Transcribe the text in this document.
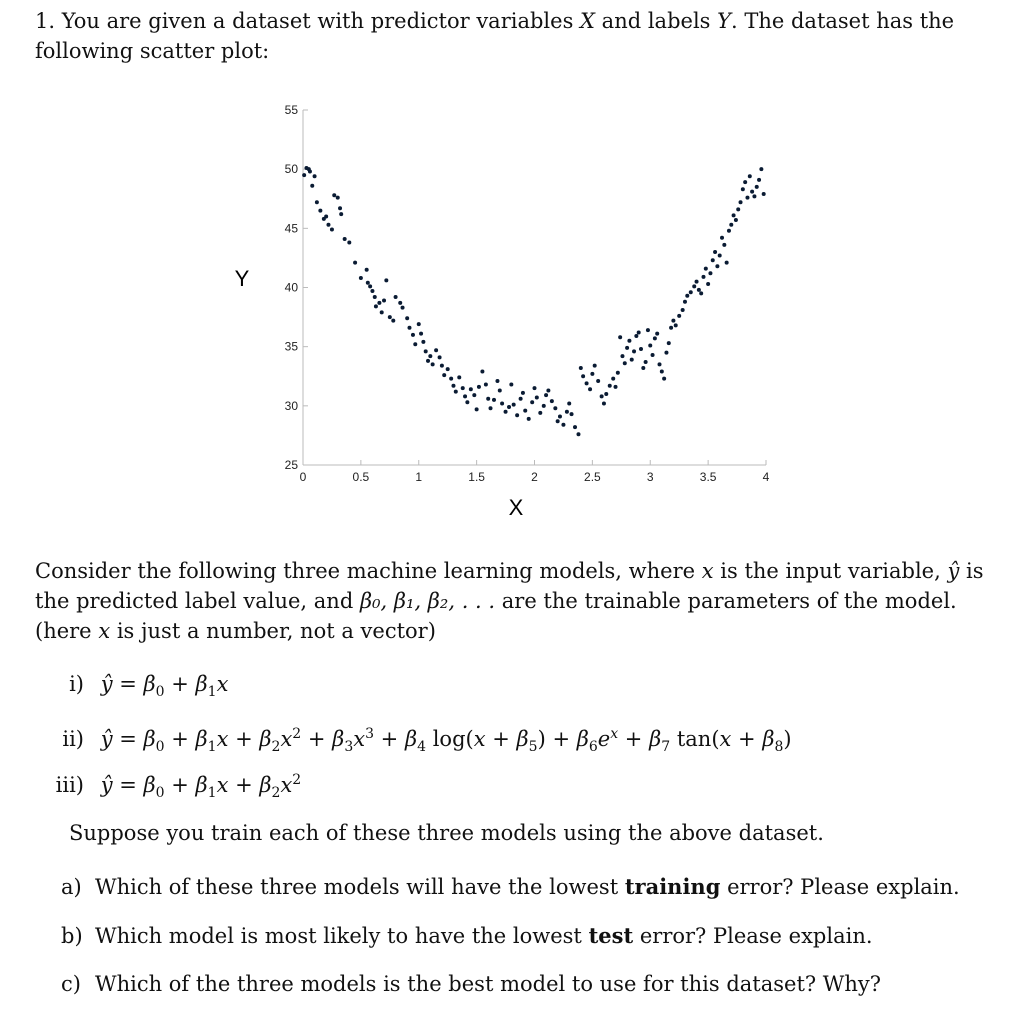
1. You are given a dataset with predictor variables X and labels Y. The dataset has the following scatter plot:

0	0.5	1	1.5	2	2.5	3	3.5	4
25
30
35
40
45
50
55
X
Y

Consider the following three machine learning models, where x is the input variable, ŷ is the predicted label value, and β₀, β₁, β₂, . . . are the trainable parameters of the model. (here x is just a number, not a vector)

i) ŷ = $\beta_0 + \beta_1x$
ii) ŷ = $\beta_0 + \beta_1x + \beta_2x^2 + \beta_3x^3 + \beta_4$ $\log(x + \beta_5) + \beta_6e^x + \beta_7$ $\tan(x + \beta_8)$
iii) ŷ = $\beta_0 + \beta_1x + \beta_2x^2$
Suppose you train each of these three models using the above dataset.
a) Which of these three models will have the lowest training error? Please explain.
b) Which model is most likely to have the lowest test error? Please explain.
c) Which of the three models is the best model to use for this dataset? Why?
